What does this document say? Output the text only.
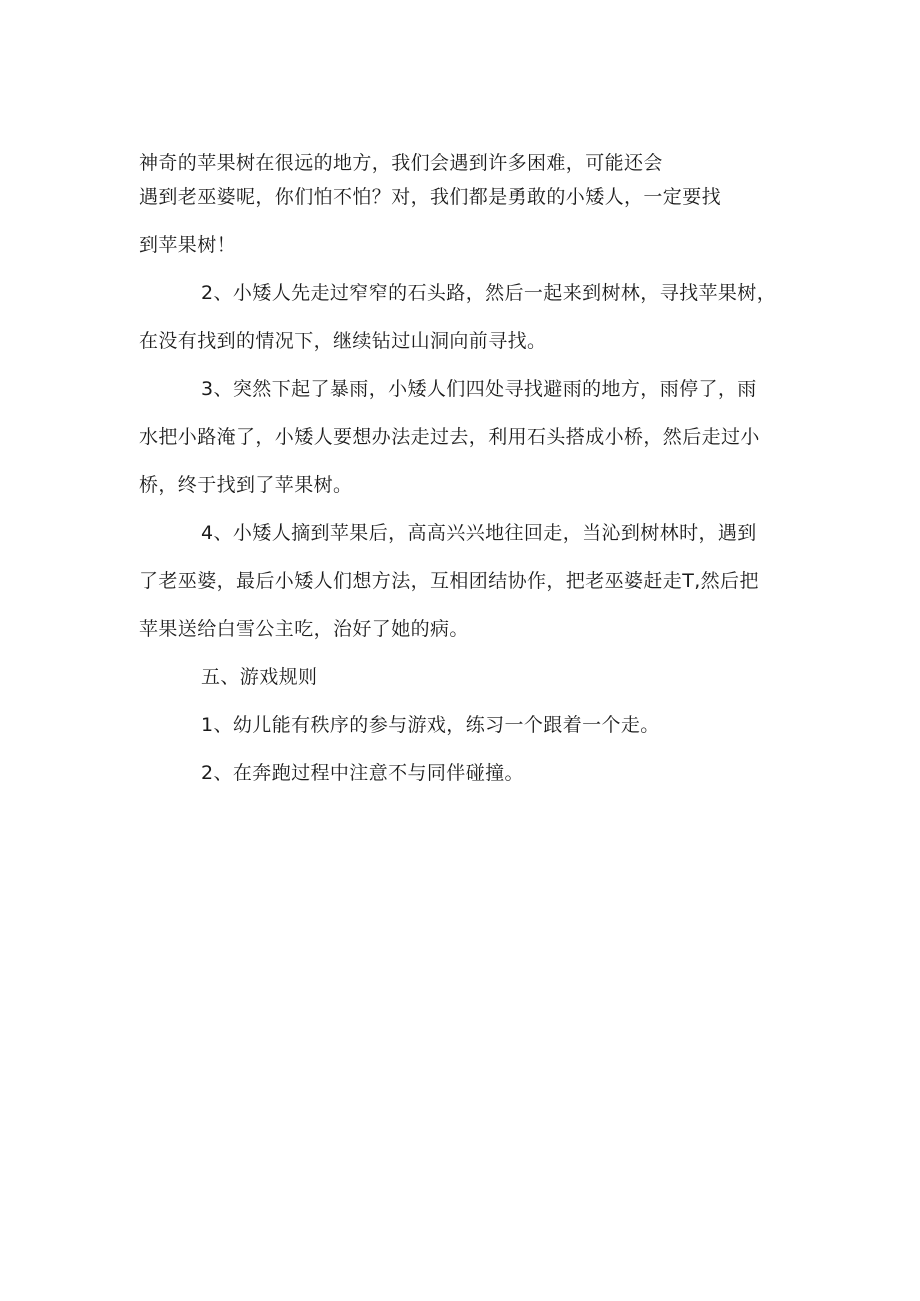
神奇的苹果树在很远的地方，我们会遇到许多困难，可能还会
遇到老巫婆呢，你们怕不怕？对，我们都是勇敢的小矮人，一定要找
到苹果树！
2、小矮人先走过窄窄的石头路，然后一起来到树林，寻找苹果树，
在没有找到的情况下，继续钻过山洞向前寻找。
3、突然下起了暴雨，小矮人们四处寻找避雨的地方，雨停了，雨
水把小路淹了，小矮人要想办法走过去，利用石头搭成小桥，然后走过小
桥，终于找到了苹果树。
4、小矮人摘到苹果后，高高兴兴地往回走，当沁到树林时，遇到
了老巫婆，最后小矮人们想方法，互相团结协作，把老巫婆赶走T,然后把
苹果送给白雪公主吃，治好了她的病。
五、游戏规则
1、幼儿能有秩序的参与游戏，练习一个跟着一个走。
2、在奔跑过程中注意不与同伴碰撞。
